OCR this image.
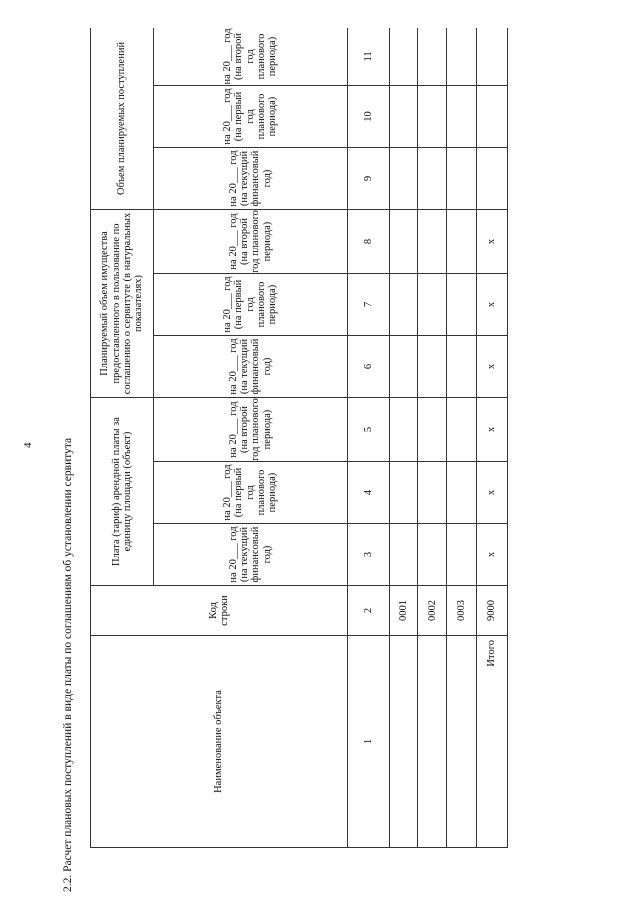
4 2.2. Расчет плановых поступлений в виде платы по соглашениям об установлении сервитута	Наименование объекта	Код строки	Плата (тариф) арендной платы за единицу площади (объект)			Планируемый объем имущества предоставленного в пользование по соглашению о сервитуте (в натуральных показателях)			Объем планируемых поступлений		
		на 20___ год (на текущий финансовый год)	на 20___ год (на первый год планового периода)	на 20___ год (на второй год планового периода)	на 20___ год (на текущий финансовый год)	на 20___ год (на первый год планового периода)	на 20___ год (на второй год планового периода)	на 20___ год (на текущий финансовый год)	на 20___ год (на первый год планового периода)	на 20___ год (на второй год планового периода)
1	2	3	4	5	6	7	8	9	10	11
	0001									
	0002									
	0003									
Итого	9000	x	x	x	x	x	x			
